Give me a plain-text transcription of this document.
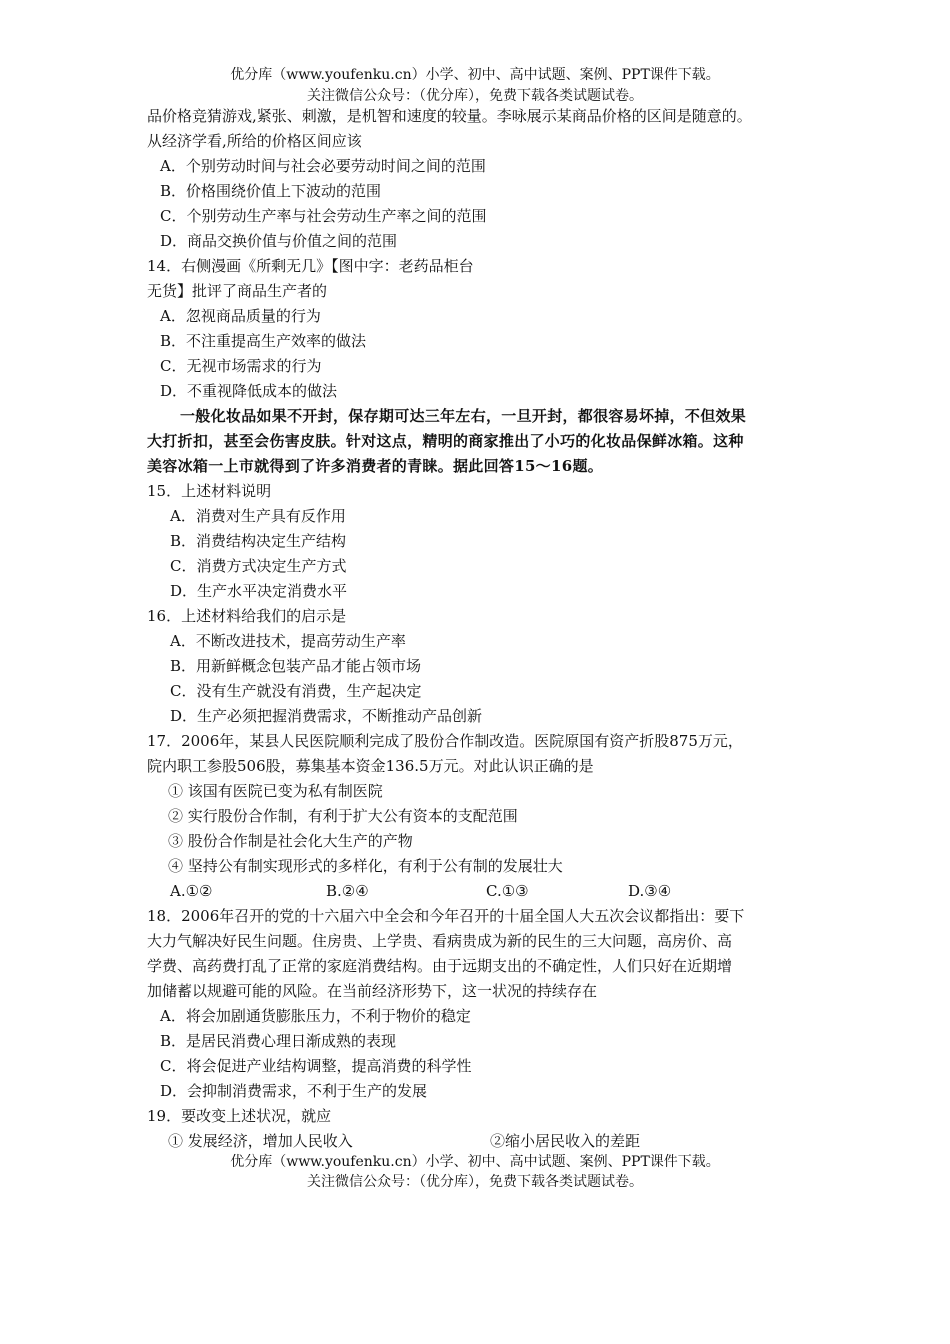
优分库（www.youfenku.cn）小学、初中、高中试题、案例、PPT课件下载。
关注微信公众号：（优分库），免费下载各类试题试卷。
品价格竞猜游戏,紧张、刺激，是机智和速度的较量。李咏展示某商品价格的区间是随意的。
从经济学看,所给的价格区间应该
A．个别劳动时间与社会必要劳动时间之间的范围
B．价格围绕价值上下波动的范围
C．个别劳动生产率与社会劳动生产率之间的范围
D．商品交换价值与价值之间的范围
14．右侧漫画《所剩无几》【图中字：老药品柜台
无货】批评了商品生产者的
A．忽视商品质量的行为
B．不注重提高生产效率的做法
C．无视市场需求的行为
D．不重视降低成本的做法
一般化妆品如果不开封，保存期可达三年左右，一旦开封，都很容易坏掉，不但效果
大打折扣，甚至会伤害皮肤。针对这点，精明的商家推出了小巧的化妆品保鲜冰箱。这种
美容冰箱一上市就得到了许多消费者的青睐。据此回答15～16题。
15．上述材料说明
A．消费对生产具有反作用
B．消费结构决定生产结构
C．消费方式决定生产方式
D．生产水平决定消费水平
16．上述材料给我们的启示是
A．不断改进技术，提高劳动生产率
B．用新鲜概念包装产品才能占领市场
C．没有生产就没有消费，生产起决定
D．生产必须把握消费需求，不断推动产品创新
17．2006年，某县人民医院顺利完成了股份合作制改造。医院原国有资产折股875万元，
院内职工参股506股，募集基本资金136.5万元。对此认识正确的是
① 该国有医院已变为私有制医院
② 实行股份合作制，有利于扩大公有资本的支配范围
③ 股份合作制是社会化大生产的产物
④ 坚持公有制实现形式的多样化，有利于公有制的发展壮大
A.①②	B.②④	C.①③	D.③④
18．2006年召开的党的十六届六中全会和今年召开的十届全国人大五次会议都指出：要下
大力气解决好民生问题。住房贵、上学贵、看病贵成为新的民生的三大问题，高房价、高
学费、高药费打乱了正常的家庭消费结构。由于远期支出的不确定性，人们只好在近期增
加储蓄以规避可能的风险。在当前经济形势下，这一状况的持续存在
A．将会加剧通货膨胀压力，不利于物价的稳定
B．是居民消费心理日渐成熟的表现
C．将会促进产业结构调整，提高消费的科学性
D．会抑制消费需求，不利于生产的发展
19．要改变上述状况，就应
① 发展经济，增加人民收入	②缩小居民收入的差距
优分库（www.youfenku.cn）小学、初中、高中试题、案例、PPT课件下载。
关注微信公众号：（优分库），免费下载各类试题试卷。
